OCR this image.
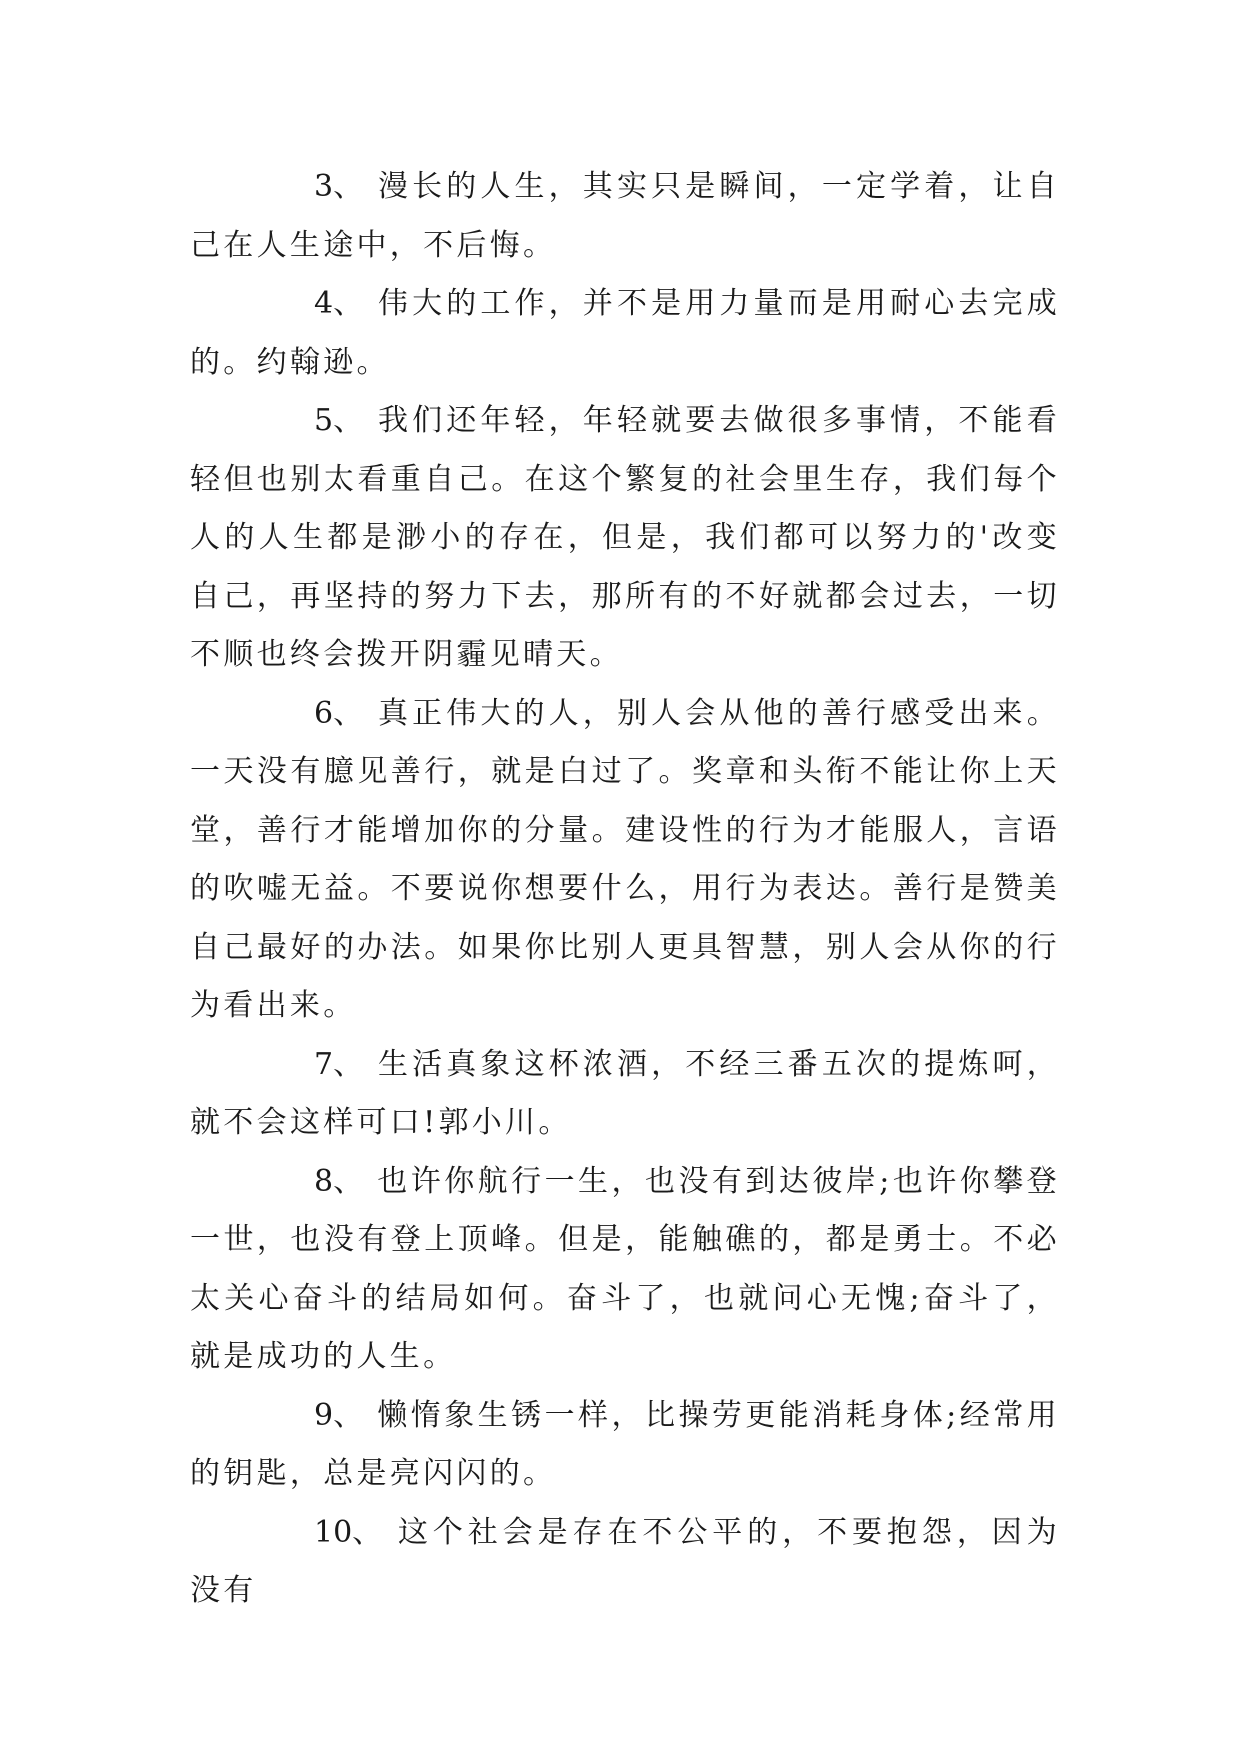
3、 漫长的人生，其实只是瞬间，一定学着，让自己在人生途中，不后悔。

4、 伟大的工作，并不是用力量而是用耐心去完成的。约翰逊。

5、 我们还年轻，年轻就要去做很多事情，不能看轻但也别太看重自己。在这个繁复的社会里生存，我们每个人的人生都是渺小的存在，但是，我们都可以努力的'改变自己，再坚持的努力下去，那所有的不好就都会过去，一切不顺也终会拨开阴霾见晴天。

6、 真正伟大的人，别人会从他的善行感受出来。一天没有臆见善行，就是白过了。奖章和头衔不能让你上天堂，善行才能增加你的分量。建设性的行为才能服人，言语的吹嘘无益。不要说你想要什么，用行为表达。善行是赞美自己最好的办法。如果你比别人更具智慧，别人会从你的行为看出来。

7、 生活真象这杯浓酒，不经三番五次的提炼呵，就不会这样可口!郭小川。

8、 也许你航行一生，也没有到达彼岸;也许你攀登一世，也没有登上顶峰。但是，能触礁的，都是勇士。不必太关心奋斗的结局如何。奋斗了，也就问心无愧;奋斗了，就是成功的人生。

9、 懒惰象生锈一样，比操劳更能消耗身体;经常用的钥匙，总是亮闪闪的。

10、 这个社会是存在不公平的，不要抱怨，因为没有
